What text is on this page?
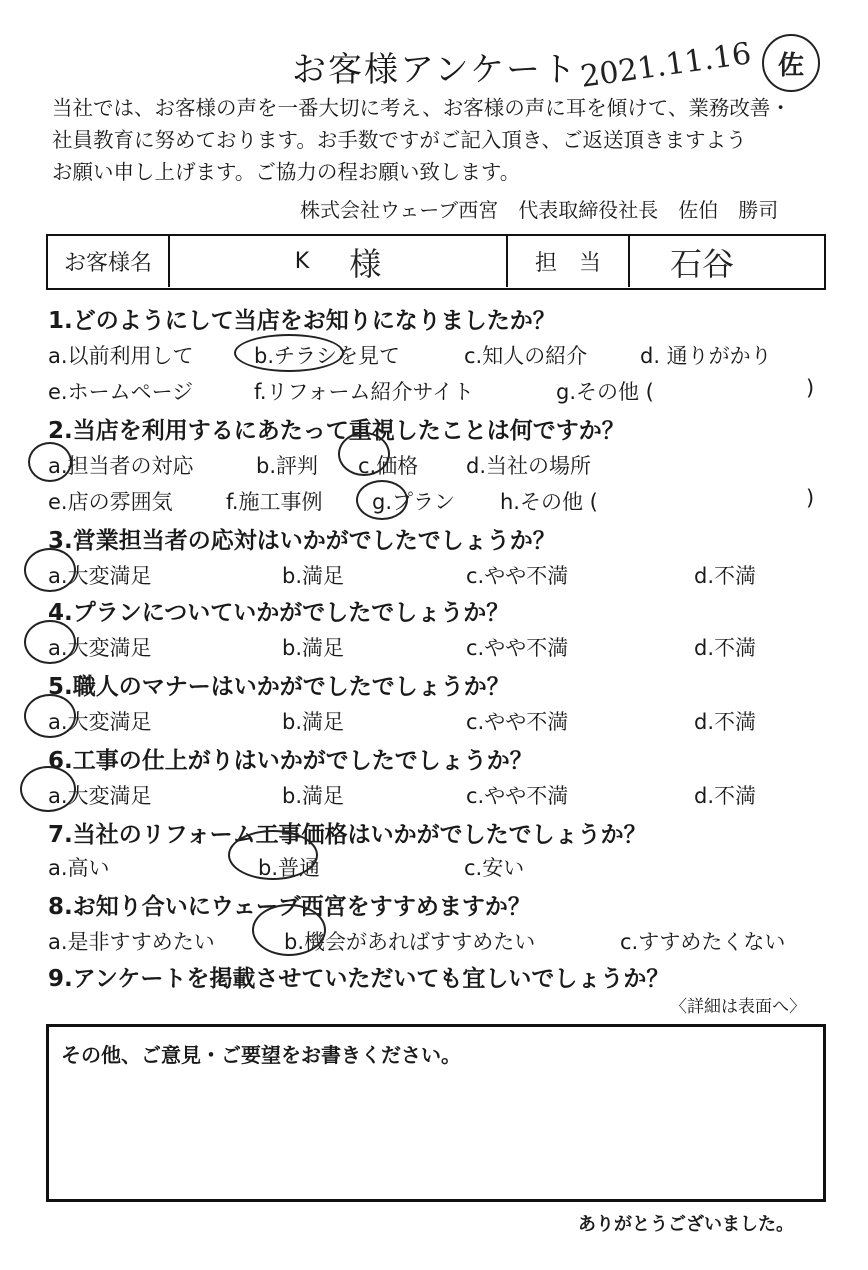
お客様アンケート 2021.11.16 佐
当社では、お客様の声を一番大切に考え、お客様の声に耳を傾けて、業務改善・
社員教育に努めております。お手数ですがご記入頂き、ご返送頂きますよう
お願い申し上げます。ご協力の程お願い致します。
株式会社ウェーブ西宮　代表取締役社長　佐伯　勝司
お客様名	K 様	担　当 石谷
1.どのようにして当店をお知りになりましたか？
a.以前利用して	b.チラシを見て	c.知人の紹介	d. 通りがかり
e.ホームページ	f.リフォーム紹介サイト	g.その他 (	)
2.当店を利用するにあたって重視したことは何ですか？
a.担当者の対応	b.評判 c.価格 d.当社の場所
e.店の雰囲気	f.施工事例 g.プラン h.その他 (	)
3.営業担当者の応対はいかがでしたでしょうか？
a.大変満足	b.満足	c.やや不満	d.不満
4.プランについていかがでしたでしょうか？
a.大変満足	b.満足	c.やや不満	d.不満
5.職人のマナーはいかがでしたでしょうか？
a.大変満足	b.満足	c.やや不満	d.不満
6.工事の仕上がりはいかがでしたでしょうか？
a.大変満足	b.満足	c.やや不満	d.不満
7.当社のリフォーム工事価格はいかがでしたでしょうか？
a.高い	b.普通	c.安い
8.お知り合いにウェーブ西宮をすすめますか？
a.是非すすめたい	b.機会があればすすめたい	c.すすめたくない
9.アンケートを掲載させていただいても宜しいでしょうか？
〈詳細は表面へ〉
その他、ご意見・ご要望をお書きください。
ありがとうございました。
